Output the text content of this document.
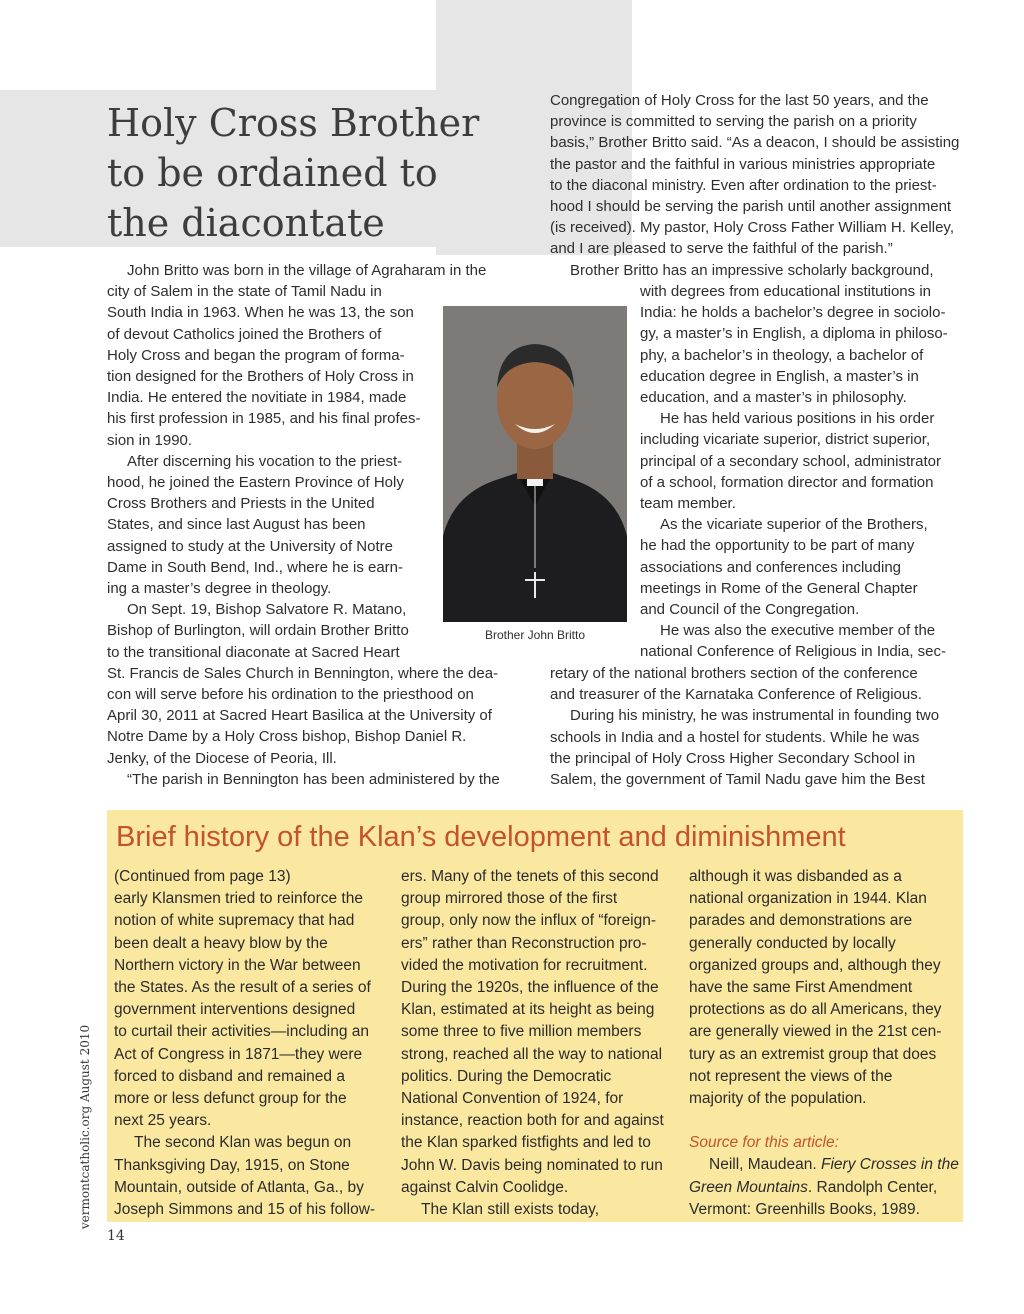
Holy Cross Brother
to be ordained to
the diacontate
John Britto was born in the village of Agraharam in the
city of Salem in the state of Tamil Nadu in
South India in 1963. When he was 13, the son
of devout Catholics joined the Brothers of
Holy Cross and began the program of forma-
tion designed for the Brothers of Holy Cross in
India. He entered the novitiate in 1984, made
his first profession in 1985, and his final profes-
sion in 1990.
After discerning his vocation to the priest-
hood, he joined the Eastern Province of Holy
Cross Brothers and Priests in the United
States, and since last August has been
assigned to study at the University of Notre
Dame in South Bend, Ind., where he is earn-
ing a master’s degree in theology.
On Sept. 19, Bishop Salvatore R. Matano,
Bishop of Burlington, will ordain Brother Britto
to the transitional diaconate at Sacred Heart
St. Francis de Sales Church in Bennington, where the dea-
con will serve before his ordination to the priesthood on
April 30, 2011 at Sacred Heart Basilica at the University of
Notre Dame by a Holy Cross bishop, Bishop Daniel R.
Jenky, of the Diocese of Peoria, Ill.
“The parish in Bennington has been administered by the
Brother John Britto
Congregation of Holy Cross for the last 50 years, and the
province is committed to serving the parish on a priority
basis,” Brother Britto said. “As a deacon, I should be assisting
the pastor and the faithful in various ministries appropriate
to the diaconal ministry. Even after ordination to the priest-
hood I should be serving the parish until another assignment
(is received). My pastor, Holy Cross Father William H. Kelley,
and I are pleased to serve the faithful of the parish.”
Brother Britto has an impressive scholarly background,
with degrees from educational institutions in
India: he holds a bachelor’s degree in sociolo-
gy, a master’s in English, a diploma in philoso-
phy, a bachelor’s in theology, a bachelor of
education degree in English, a master’s in
education, and a master’s in philosophy.
He has held various positions in his order
including vicariate superior, district superior,
principal of a secondary school, administrator
of a school, formation director and formation
team member.
As the vicariate superior of the Brothers,
he had the opportunity to be part of many
associations and conferences including
meetings in Rome of the General Chapter
and Council of the Congregation.
He was also the executive member of the
national Conference of Religious in India, sec-
retary of the national brothers section of the conference
and treasurer of the Karnataka Conference of Religious.
During his ministry, he was instrumental in founding two
schools in India and a hostel for students. While he was
the principal of Holy Cross Higher Secondary School in
Salem, the government of Tamil Nadu gave him the Best
Brief history of the Klan’s development and diminishment
(Continued from page 13)
early Klansmen tried to reinforce the
notion of white supremacy that had
been dealt a heavy blow by the
Northern victory in the War between
the States. As the result of a series of
government interventions designed
to curtail their activities—including an
Act of Congress in 1871—they were
forced to disband and remained a
more or less defunct group for the
next 25 years.
The second Klan was begun on
Thanksgiving Day, 1915, on Stone
Mountain, outside of Atlanta, Ga., by
Joseph Simmons and 15 of his follow-
ers. Many of the tenets of this second
group mirrored those of the first
group, only now the influx of “foreign-
ers” rather than Reconstruction pro-
vided the motivation for recruitment.
During the 1920s, the influence of the
Klan, estimated at its height as being
some three to five million members
strong, reached all the way to national
politics. During the Democratic
National Convention of 1924, for
instance, reaction both for and against
the Klan sparked fistfights and led to
John W. Davis being nominated to run
against Calvin Coolidge.
The Klan still exists today,
although it was disbanded as a
national organization in 1944. Klan
parades and demonstrations are
generally conducted by locally
organized groups and, although they
have the same First Amendment
protections as do all Americans, they
are generally viewed in the 21st cen-
tury as an extremist group that does
not represent the views of the
majority of the population.
Source for this article:
Neill, Maudean. Fiery Crosses in the
Green Mountains. Randolph Center,
Vermont: Greenhills Books, 1989.
vermontcatholic.org August 2010
14
